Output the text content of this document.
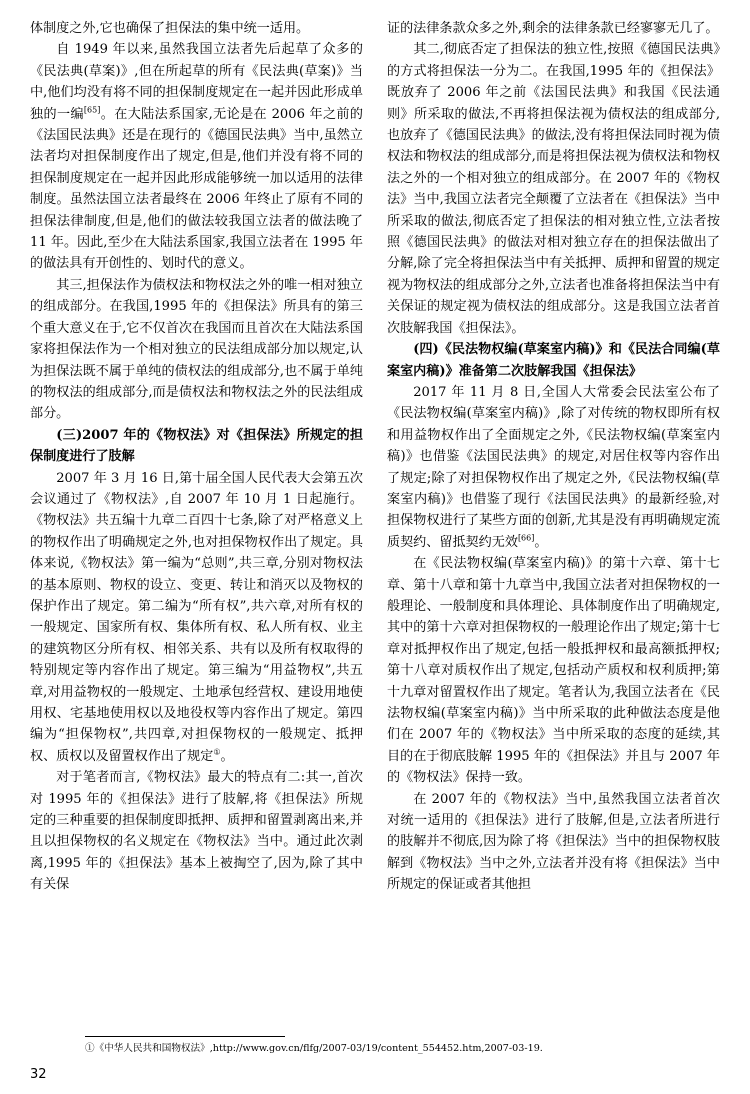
体制度之外,它也确保了担保法的集中统一适用。

自 1949 年以来,虽然我国立法者先后起草了众多的《民法典(草案)》,但在所起草的所有《民法典(草案)》当中,他们均没有将不同的担保制度规定在一起并因此形成单独的一编[65]。在大陆法系国家,无论是在 2006 年之前的《法国民法典》还是在现行的《德国民法典》当中,虽然立法者均对担保制度作出了规定,但是,他们并没有将不同的担保制度规定在一起并因此形成能够统一加以适用的法律制度。虽然法国立法者最终在 2006 年终止了原有不同的担保法律制度,但是,他们的做法较我国立法者的做法晚了 11 年。因此,至少在大陆法系国家,我国立法者在 1995 年的做法具有开创性的、划时代的意义。

其三,担保法作为债权法和物权法之外的唯一相对独立的组成部分。在我国,1995 年的《担保法》所具有的第三个重大意义在于,它不仅首次在我国而且首次在大陆法系国家将担保法作为一个相对独立的民法组成部分加以规定,认为担保法既不属于单纯的债权法的组成部分,也不属于单纯的物权法的组成部分,而是债权法和物权法之外的民法组成部分。

(三)2007 年的《物权法》对《担保法》所规定的担保制度进行了肢解

2007 年 3 月 16 日,第十届全国人民代表大会第五次会议通过了《物权法》,自 2007 年 10 月 1 日起施行。《物权法》共五编十九章二百四十七条,除了对严格意义上的物权作出了明确规定之外,也对担保物权作出了规定。具体来说,《物权法》第一编为“总则”,共三章,分别对物权法的基本原则、物权的设立、变更、转让和消灭以及物权的保护作出了规定。第二编为“所有权”,共六章,对所有权的一般规定、国家所有权、集体所有权、私人所有权、业主的建筑物区分所有权、相邻关系、共有以及所有权取得的特别规定等内容作出了规定。第三编为“用益物权”,共五章,对用益物权的一般规定、土地承包经营权、建设用地使用权、宅基地使用权以及地役权等内容作出了规定。第四编为“担保物权”,共四章,对担保物权的一般规定、抵押权、质权以及留置权作出了规定①。

对于笔者而言,《物权法》最大的特点有二:其一,首次对 1995 年的《担保法》进行了肢解,将《担保法》所规定的三种重要的担保制度即抵押、质押和留置剥离出来,并且以担保物权的名义规定在《物权法》当中。通过此次剥离,1995 年的《担保法》基本上被掏空了,因为,除了其中有关保

证的法律条款众多之外,剩余的法律条款已经寥寥无几了。

其二,彻底否定了担保法的独立性,按照《德国民法典》的方式将担保法一分为二。在我国,1995 年的《担保法》既放弃了 2006 年之前《法国民法典》和我国《民法通则》所采取的做法,不再将担保法视为债权法的组成部分,也放弃了《德国民法典》的做法,没有将担保法同时视为债权法和物权法的组成部分,而是将担保法视为债权法和物权法之外的一个相对独立的组成部分。在 2007 年的《物权法》当中,我国立法者完全颠覆了立法者在《担保法》当中所采取的做法,彻底否定了担保法的相对独立性,立法者按照《德国民法典》的做法对相对独立存在的担保法做出了分解,除了完全将担保法当中有关抵押、质押和留置的规定视为物权法的组成部分之外,立法者也准备将担保法当中有关保证的规定视为债权法的组成部分。这是我国立法者首次肢解我国《担保法》。

(四)《民法物权编(草案室内稿)》和《民法合同编(草案室内稿)》准备第二次肢解我国《担保法》

2017 年 11 月 8 日,全国人大常委会民法室公布了《民法物权编(草案室内稿)》,除了对传统的物权即所有权和用益物权作出了全面规定之外,《民法物权编(草案室内稿)》也借鉴《法国民法典》的规定,对居住权等内容作出了规定;除了对担保物权作出了规定之外,《民法物权编(草案室内稿)》也借鉴了现行《法国民法典》的最新经验,对担保物权进行了某些方面的创新,尤其是没有再明确规定流质契约、留抵契约无效[66]。

在《民法物权编(草案室内稿)》的第十六章、第十七章、第十八章和第十九章当中,我国立法者对担保物权的一般理论、一般制度和具体理论、具体制度作出了明确规定,其中的第十六章对担保物权的一般理论作出了规定;第十七章对抵押权作出了规定,包括一般抵押权和最高额抵押权;第十八章对质权作出了规定,包括动产质权和权利质押;第十九章对留置权作出了规定。笔者认为,我国立法者在《民法物权编(草案室内稿)》当中所采取的此种做法态度是他们在 2007 年的《物权法》当中所采取的态度的延续,其目的在于彻底肢解 1995 年的《担保法》并且与 2007 年的《物权法》保持一致。

在 2007 年的《物权法》当中,虽然我国立法者首次对统一适用的《担保法》进行了肢解,但是,立法者所进行的肢解并不彻底,因为除了将《担保法》当中的担保物权肢解到《物权法》当中之外,立法者并没有将《担保法》当中所规定的保证或者其他担

①《中华人民共和国物权法》,http://www.gov.cn/flfg/2007-03/19/content_554452.htm,2007-03-19.
32
